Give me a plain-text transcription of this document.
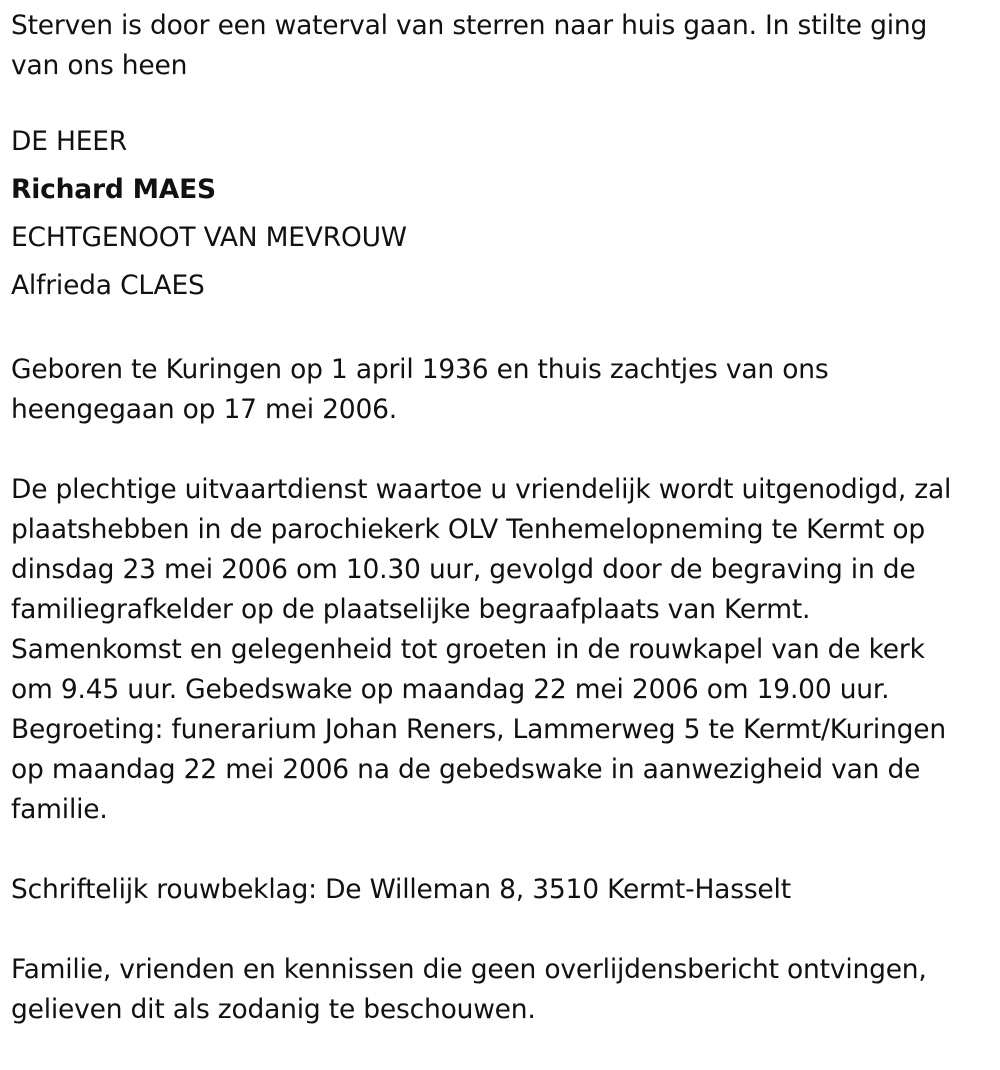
Sterven is door een waterval van sterren naar huis gaan. In stilte ging
van ons heen

DE HEER

Richard MAES

ECHTGENOOT VAN MEVROUW

Alfrieda CLAES

Geboren te Kuringen op 1 april 1936 en thuis zachtjes van ons
heengegaan op 17 mei 2006.

De plechtige uitvaartdienst waartoe u vriendelijk wordt uitgenodigd, zal
plaatshebben in de parochiekerk OLV Tenhemelopneming te Kermt op
dinsdag 23 mei 2006 om 10.30 uur, gevolgd door de begraving in de
familiegrafkelder op de plaatselijke begraafplaats van Kermt.
Samenkomst en gelegenheid tot groeten in de rouwkapel van de kerk
om 9.45 uur. Gebedswake op maandag 22 mei 2006 om 19.00 uur.
Begroeting: funerarium Johan Reners, Lammerweg 5 te Kermt/Kuringen
op maandag 22 mei 2006 na de gebedswake in aanwezigheid van de
familie.

Schriftelijk rouwbeklag: De Willeman 8, 3510 Kermt-Hasselt

Familie, vrienden en kennissen die geen overlijdensbericht ontvingen,
gelieven dit als zodanig te beschouwen.
